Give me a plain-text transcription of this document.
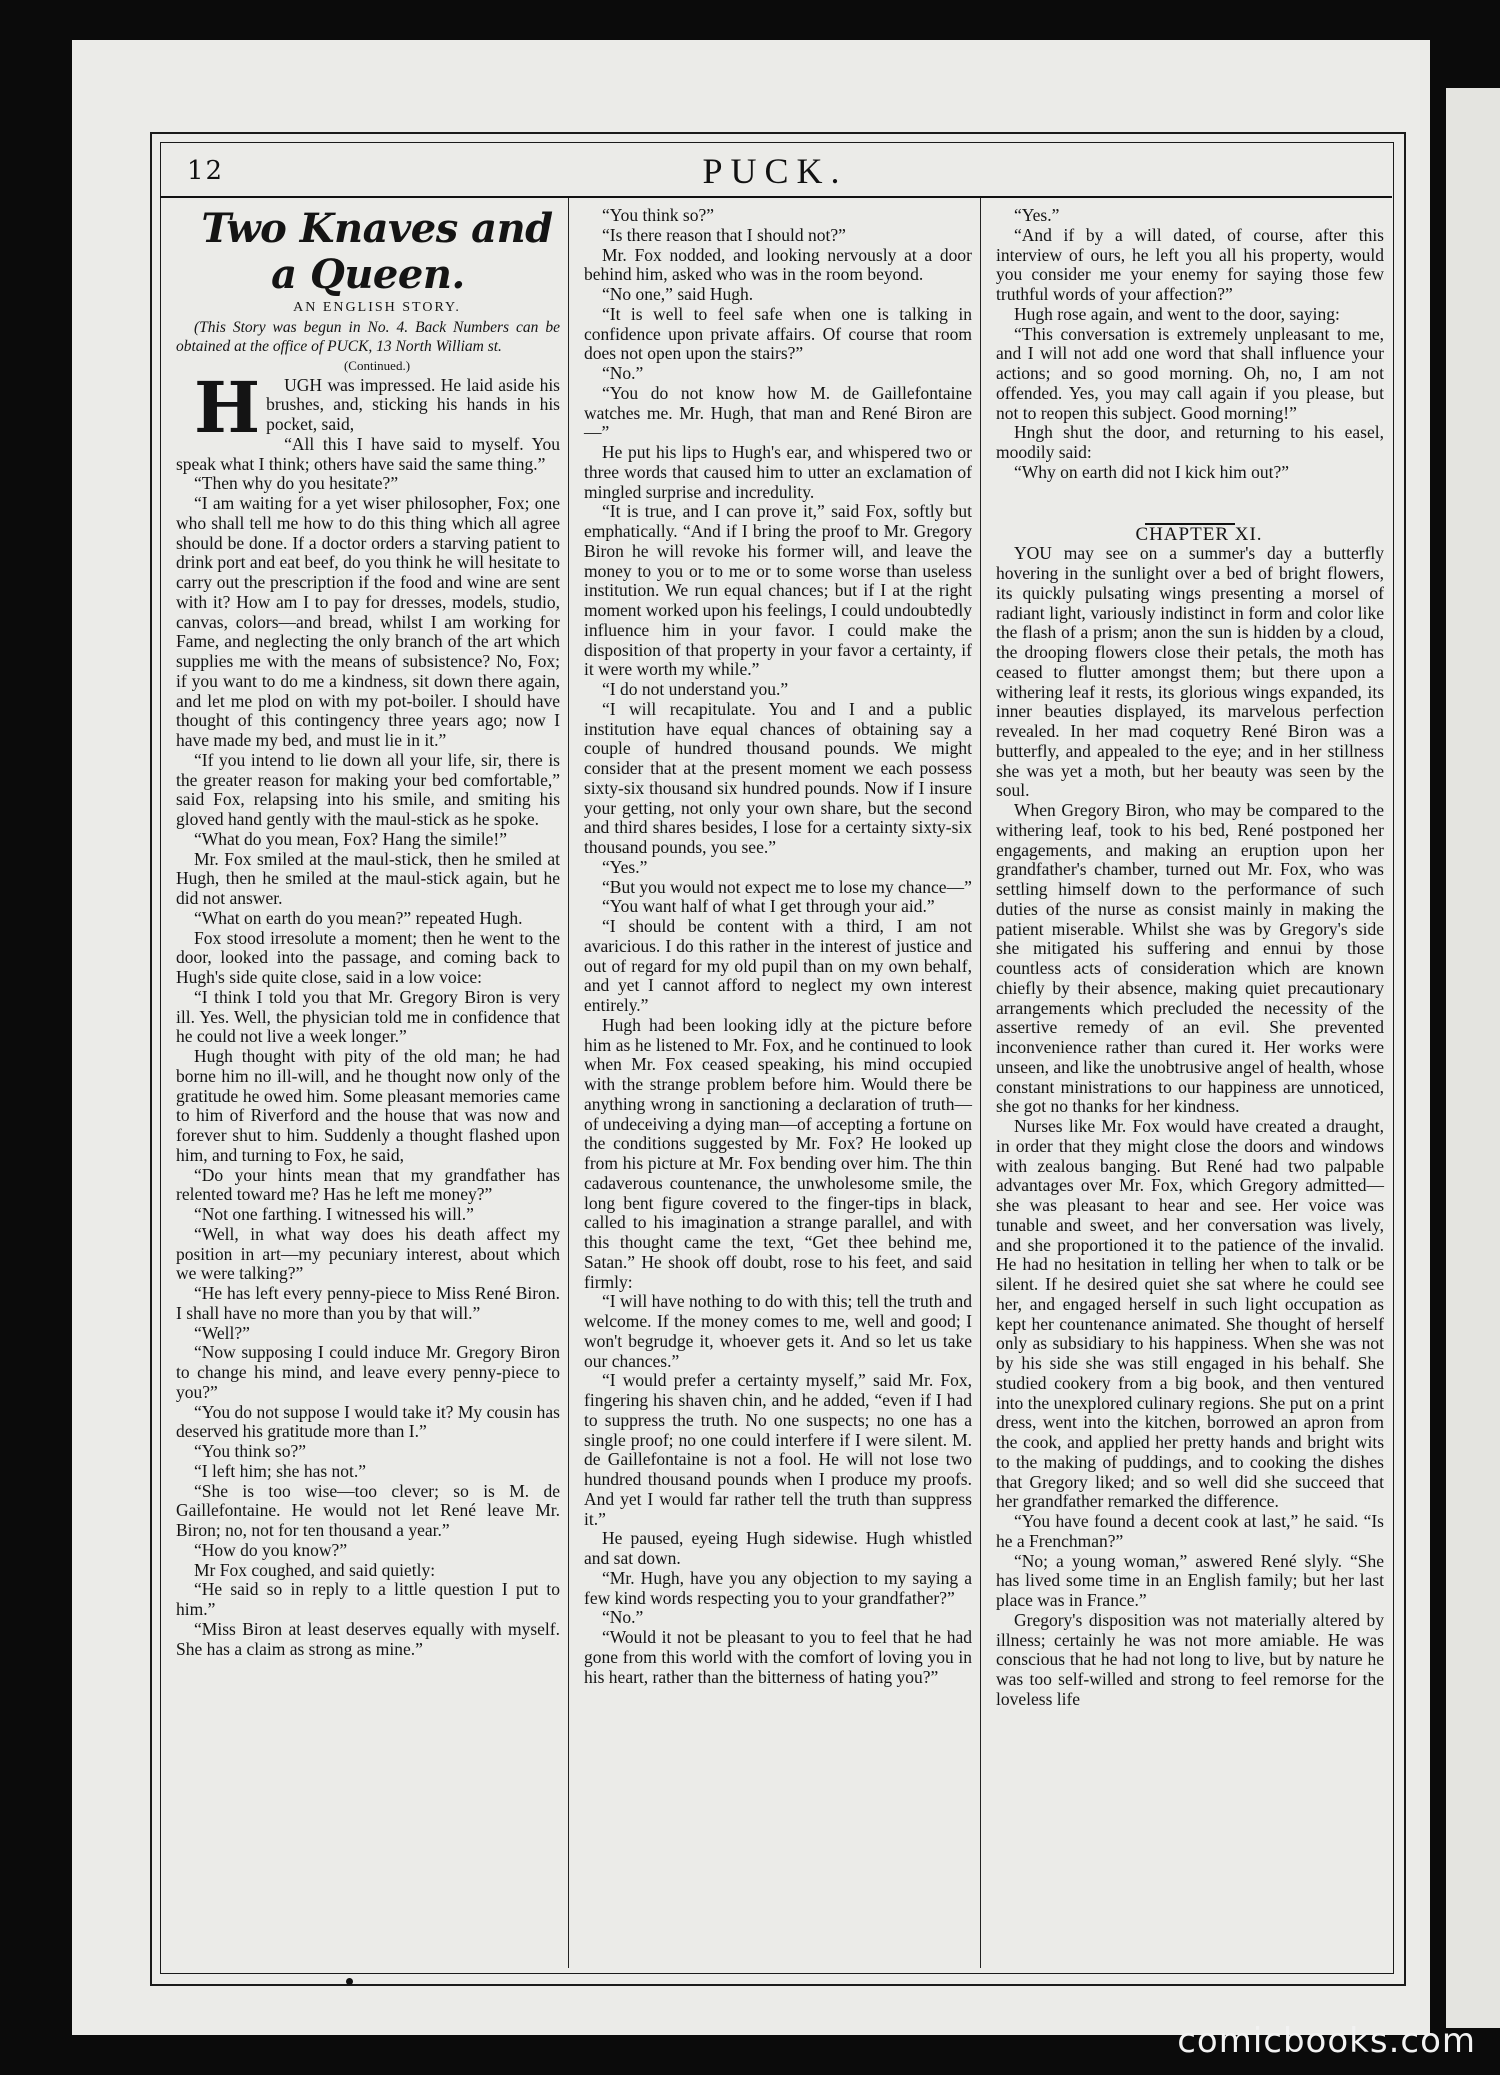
12	PUCK.

Two Knaves and a Queen.

AN ENGLISH STORY.

(This Story was begun in No. 4. Back Numbers can be obtained at the office of PUCK, 13 North William st.

(Continued.)

H UGH was impressed. He laid aside his brushes, and, sticking his hands in his pocket, said,

“All this I have said to myself. You speak what I think; others have said the same thing.”

“Then why do you hesitate?”

“I am waiting for a yet wiser philosopher, Fox; one who shall tell me how to do this thing which all agree should be done. If a doctor orders a starving patient to drink port and eat beef, do you think he will hesitate to carry out the prescription if the food and wine are sent with it? How am I to pay for dresses, models, studio, canvas, colors—and bread, whilst I am working for Fame, and neglecting the only branch of the art which supplies me with the means of subsistence? No, Fox; if you want to do me a kindness, sit down there again, and let me plod on with my pot-boiler. I should have thought of this contingency three years ago; now I have made my bed, and must lie in it.”

“If you intend to lie down all your life, sir, there is the greater reason for making your bed comfortable,” said Fox, relapsing into his smile, and smiting his gloved hand gently with the maul-stick as he spoke.

“What do you mean, Fox? Hang the simile!”

Mr. Fox smiled at the maul-stick, then he smiled at Hugh, then he smiled at the maul-stick again, but he did not answer.

“What on earth do you mean?” repeated Hugh.

Fox stood irresolute a moment; then he went to the door, looked into the passage, and coming back to Hugh's side quite close, said in a low voice:

“I think I told you that Mr. Gregory Biron is very ill. Yes. Well, the physician told me in confidence that he could not live a week longer.”

Hugh thought with pity of the old man; he had borne him no ill-will, and he thought now only of the gratitude he owed him. Some pleasant memories came to him of Riverford and the house that was now and forever shut to him. Suddenly a thought flashed upon him, and turning to Fox, he said,

“Do your hints mean that my grandfather has relented toward me? Has he left me money?”

“Not one farthing. I witnessed his will.”

“Well, in what way does his death affect my position in art—my pecuniary interest, about which we were talking?”

“He has left every penny-piece to Miss René Biron. I shall have no more than you by that will.”

“Well?”

“Now supposing I could induce Mr. Gregory Biron to change his mind, and leave every penny-piece to you?”

“You do not suppose I would take it? My cousin has deserved his gratitude more than I.”

“You think so?”

“I left him; she has not.”

“She is too wise—too clever; so is M. de Gaillefontaine. He would not let René leave Mr. Biron; no, not for ten thousand a year.”

“How do you know?”

Mr Fox coughed, and said quietly:

“He said so in reply to a little question I put to him.”

“Miss Biron at least deserves equally with myself. She has a claim as strong as mine.”

“You think so?”

“Is there reason that I should not?”

Mr. Fox nodded, and looking nervously at a door behind him, asked who was in the room beyond.

“No one,” said Hugh.

“It is well to feel safe when one is talking in confidence upon private affairs. Of course that room does not open upon the stairs?”

“No.”

“You do not know how M. de Gaillefontaine watches me. Mr. Hugh, that man and René Biron are—”

He put his lips to Hugh's ear, and whispered two or three words that caused him to utter an exclamation of mingled surprise and incredulity.

“It is true, and I can prove it,” said Fox, softly but emphatically. “And if I bring the proof to Mr. Gregory Biron he will revoke his former will, and leave the money to you or to me or to some worse than useless institution. We run equal chances; but if I at the right moment worked upon his feelings, I could undoubtedly influence him in your favor. I could make the disposition of that property in your favor a certainty, if it were worth my while.”

“I do not understand you.”

“I will recapitulate. You and I and a public institution have equal chances of obtaining say a couple of hundred thousand pounds. We might consider that at the present moment we each possess sixty-six thousand six hundred pounds. Now if I insure your getting, not only your own share, but the second and third shares besides, I lose for a certainty sixty-six thousand pounds, you see.”

“Yes.”

“But you would not expect me to lose my chance—”

“You want half of what I get through your aid.”

“I should be content with a third, I am not avaricious. I do this rather in the interest of justice and out of regard for my old pupil than on my own behalf, and yet I cannot afford to neglect my own interest entirely.”

Hugh had been looking idly at the picture before him as he listened to Mr. Fox, and he continued to look when Mr. Fox ceased speaking, his mind occupied with the strange problem before him. Would there be anything wrong in sanctioning a declaration of truth—of undeceiving a dying man—of accepting a fortune on the conditions suggested by Mr. Fox? He looked up from his picture at Mr. Fox bending over him. The thin cadaverous countenance, the unwholesome smile, the long bent figure covered to the finger-tips in black, called to his imagination a strange parallel, and with this thought came the text, “Get thee behind me, Satan.” He shook off doubt, rose to his feet, and said firmly:

“I will have nothing to do with this; tell the truth and welcome. If the money comes to me, well and good; I won't begrudge it, whoever gets it. And so let us take our chances.”

“I would prefer a certainty myself,” said Mr. Fox, fingering his shaven chin, and he added, “even if I had to suppress the truth. No one suspects; no one has a single proof; no one could interfere if I were silent. M. de Gaillefontaine is not a fool. He will not lose two hundred thousand pounds when I produce my proofs. And yet I would far rather tell the truth than suppress it.”

He paused, eyeing Hugh sidewise. Hugh whistled and sat down.

“Mr. Hugh, have you any objection to my saying a few kind words respecting you to your grandfather?”

“No.”

“Would it not be pleasant to you to feel that he had gone from this world with the comfort of loving you in his heart, rather than the bitterness of hating you?”

“Yes.”

“And if by a will dated, of course, after this interview of ours, he left you all his property, would you consider me your enemy for saying those few truthful words of your affection?”

Hugh rose again, and went to the door, saying:

“This conversation is extremely unpleasant to me, and I will not add one word that shall influence your actions; and so good morning. Oh, no, I am not offended. Yes, you may call again if you please, but not to reopen this subject. Good morning!”

Hngh shut the door, and returning to his easel, moodily said:

“Why on earth did not I kick him out?”

CHAPTER XI.

YOU may see on a summer's day a butterfly hovering in the sunlight over a bed of bright flowers, its quickly pulsating wings presenting a morsel of radiant light, variously indistinct in form and color like the flash of a prism; anon the sun is hidden by a cloud, the drooping flowers close their petals, the moth has ceased to flutter amongst them; but there upon a withering leaf it rests, its glorious wings expanded, its inner beauties displayed, its marvelous perfection revealed. In her mad coquetry René Biron was a butterfly, and appealed to the eye; and in her stillness she was yet a moth, but her beauty was seen by the soul.

When Gregory Biron, who may be compared to the withering leaf, took to his bed, René postponed her engagements, and making an eruption upon her grandfather's chamber, turned out Mr. Fox, who was settling himself down to the performance of such duties of the nurse as consist mainly in making the patient miserable. Whilst she was by Gregory's side she mitigated his suffering and ennui by those countless acts of consideration which are known chiefly by their absence, making quiet precautionary arrangements which precluded the necessity of the assertive remedy of an evil. She prevented inconvenience rather than cured it. Her works were unseen, and like the unobtrusive angel of health, whose constant ministrations to our happiness are unnoticed, she got no thanks for her kindness.

Nurses like Mr. Fox would have created a draught, in order that they might close the doors and windows with zealous banging. But René had two palpable advantages over Mr. Fox, which Gregory admitted—she was pleasant to hear and see. Her voice was tunable and sweet, and her conversation was lively, and she proportioned it to the patience of the invalid. He had no hesitation in telling her when to talk or be silent. If he desired quiet she sat where he could see her, and engaged herself in such light occupation as kept her countenance animated. She thought of herself only as subsidiary to his happiness. When she was not by his side she was still engaged in his behalf. She studied cookery from a big book, and then ventured into the unexplored culinary regions. She put on a print dress, went into the kitchen, borrowed an apron from the cook, and applied her pretty hands and bright wits to the making of puddings, and to cooking the dishes that Gregory liked; and so well did she succeed that her grandfather remarked the difference.

“You have found a decent cook at last,” he said. “Is he a Frenchman?”

“No; a young woman,” aswered René slyly. “She has lived some time in an English family; but her last place was in France.”

Gregory's disposition was not materially altered by illness; certainly he was not more amiable. He was conscious that he had not long to live, but by nature he was too self-willed and strong to feel remorse for the loveless life

comicbooks.com
